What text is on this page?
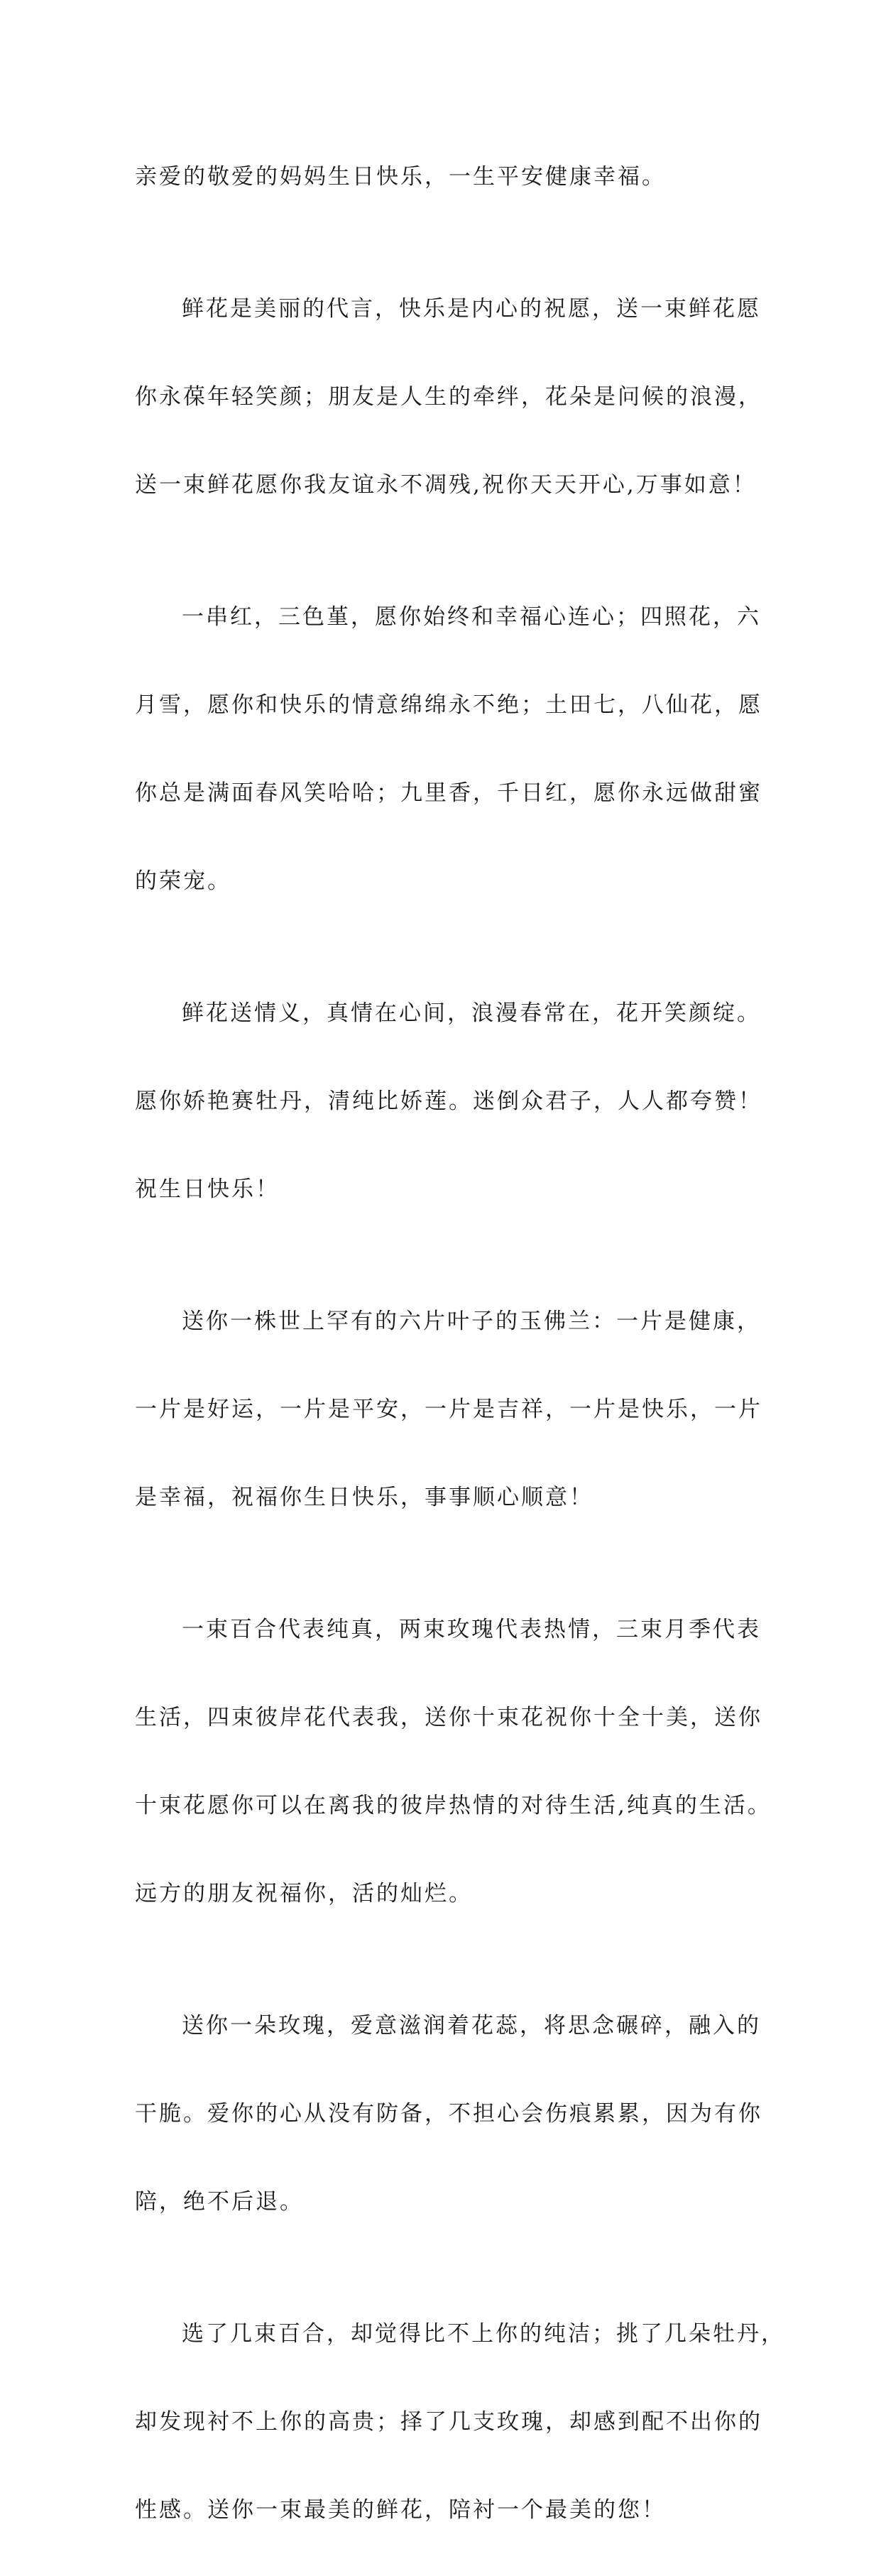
亲爱的敬爱的妈妈生日快乐，一生平安健康幸福。

鲜花是美丽的代言，快乐是内心的祝愿，送一束鲜花愿

你永葆年轻笑颜；朋友是人生的牵绊，花朵是问候的浪漫，

送一束鲜花愿你我友谊永不凋残,祝你天天开心,万事如意！

一串红，三色堇，愿你始终和幸福心连心；四照花，六

月雪，愿你和快乐的情意绵绵永不绝；土田七，八仙花，愿

你总是满面春风笑哈哈；九里香，千日红，愿你永远做甜蜜

的荣宠。

鲜花送情义，真情在心间，浪漫春常在，花开笑颜绽。

愿你娇艳赛牡丹，清纯比娇莲。迷倒众君子，人人都夸赞！

祝生日快乐！

送你一株世上罕有的六片叶子的玉佛兰：一片是健康，

一片是好运，一片是平安，一片是吉祥，一片是快乐，一片

是幸福，祝福你生日快乐，事事顺心顺意！

一束百合代表纯真，两束玫瑰代表热情，三束月季代表

生活，四束彼岸花代表我，送你十束花祝你十全十美，送你

十束花愿你可以在离我的彼岸热情的对待生活,纯真的生活。

远方的朋友祝福你，活的灿烂。

送你一朵玫瑰，爱意滋润着花蕊，将思念碾碎，融入的

干脆。爱你的心从没有防备，不担心会伤痕累累，因为有你

陪，绝不后退。

选了几束百合，却觉得比不上你的纯洁；挑了几朵牡丹，

却发现衬不上你的高贵；择了几支玫瑰，却感到配不出你的

性感。送你一束最美的鲜花，陪衬一个最美的您！
